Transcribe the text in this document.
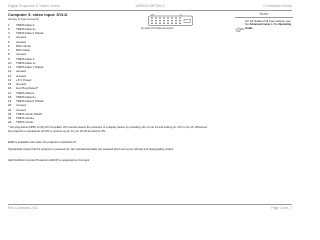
Digital Projection E-Vision series	WIRING DETAILS	Connection Guide
Computer 3: video input: DVI-D
24-way D-type connector
1	TMDS Data 2-
2	TMDS Data 2+
3	TMDS Data 2 Shield
4	unused
5	unused
6	DDC Clock
7	DDC Data
8	unused
9	TMDS Data 1-
10	TMDS Data 1+
11	TMDS Data 1 Shield
12	unused
13	unused
14	+5 V Power
15	Ground
16	Hot Plug Detect*
17	TMDS Data 0-
18	TMDS Data 0+
19	TMDS Data 0 Shield
20	unused
21	unused
22	TMDS Clock Shield
23	TMDS Clock+
24	TMDS Clock-
* Hot plug detect (HPD) is fully DVI compliant. DVI sources detect the presence of a display device by providing +5V on pin 14 and looking for +5V on pin 16. Whenever the projector is operational, and 5V is present on pin 14, pin 16 will be held at +5V.
EDID is available even when the projector is switched off.
Operational means that the projector is powered up. Non operational states are powered down and some self test and downgrading modes.
High Definition Content Protection (HDCP) is supported on this input.
24	17
pin side of female connector
Notes
For full details of all input settings, see the Advanced menu in the Operating Guide
Rev A January 2012	Page Conn_7
